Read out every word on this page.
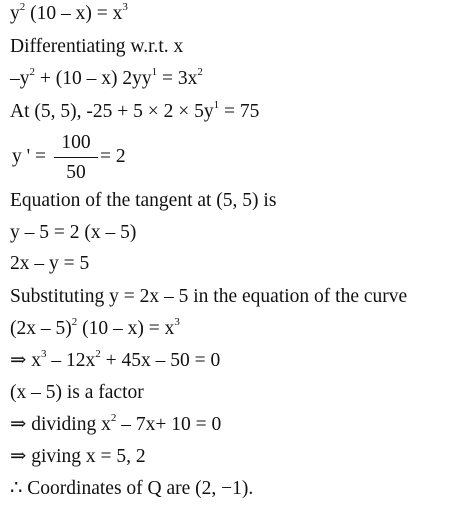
$y^2$ $(10 - x) = x^3$
Differentiating w.r.t. x
$-y^2 + (10 - x) 2yy^1 = 3x^2$
At (5, 5), $-25 + 5 \times 2 \times 5y^1 = 75$
y ' =
100
50
= 2
Equation of the tangent at (5, 5) is
y – 5 = 2 (x – 5)
2x – y = 5
Substituting y = 2x – 5 in the equation of the curve
(2x – 5)$^2$ $(10 - x) = x^3$
⇒ $x^3 - 12x^2 + 45x - 50 = 0$
(x – 5) is a factor
⇒ dividing $x^2 - 7x+ 10 = 0$
⇒ giving x = 5, 2
∴ Coordinates of Q are (2, −1).
